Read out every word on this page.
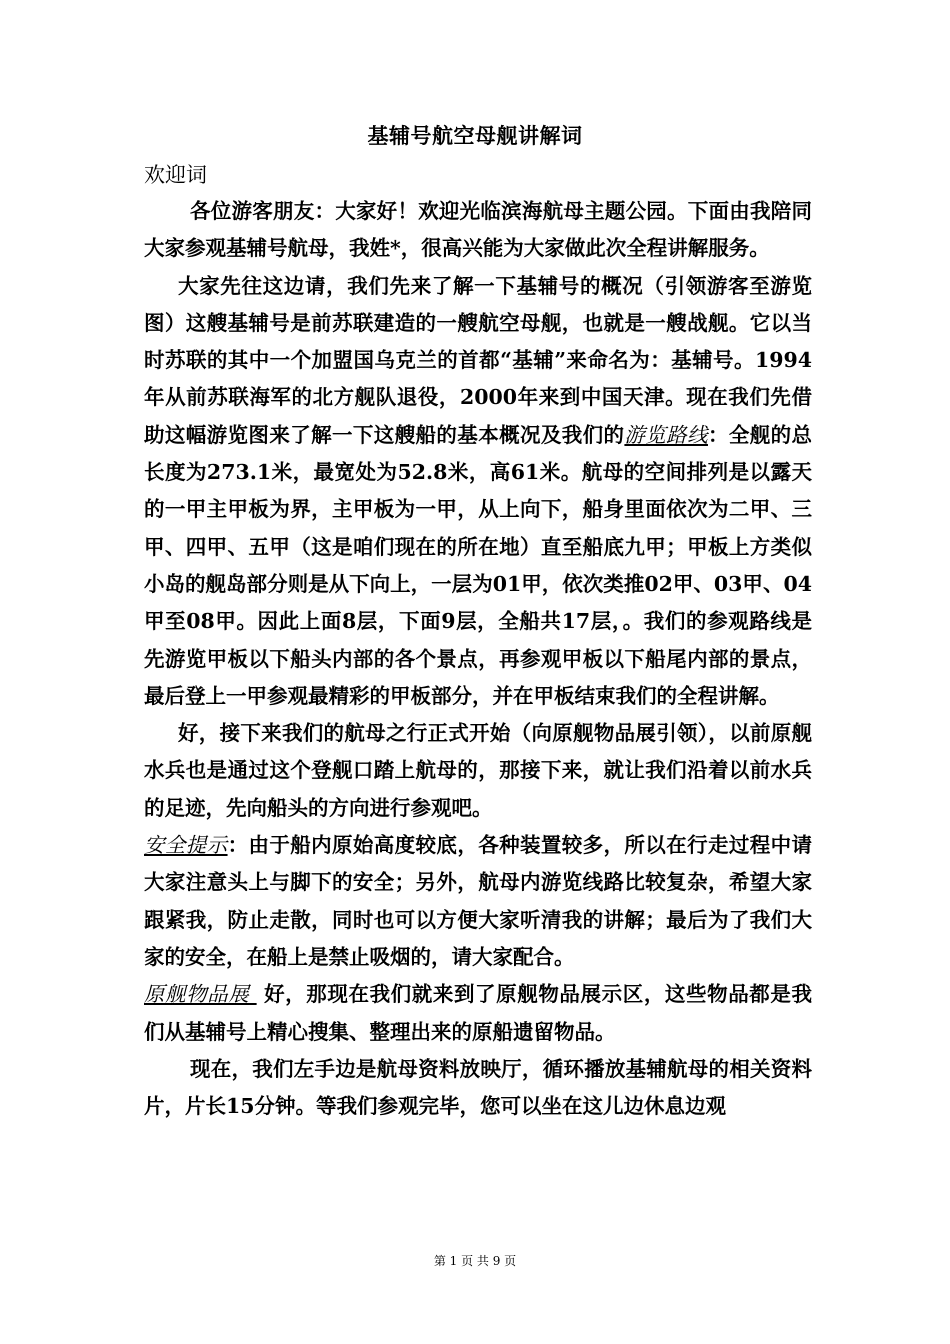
基辅号航空母舰讲解词
欢迎词

各位游客朋友：大家好！欢迎光临滨海航母主题公园。下面由我陪同大家参观基辅号航母，我姓*，很高兴能为大家做此次全程讲解服务。

大家先往这边请，我们先来了解一下基辅号的概况（引领游客至游览图）这艘基辅号是前苏联建造的一艘航空母舰，也就是一艘战舰。它以当时苏联的其中一个加盟国乌克兰的首都“基辅”来命名为：基辅号。1994年从前苏联海军的北方舰队退役，2000年来到中国天津。现在我们先借助这幅游览图来了解一下这艘船的基本概况及我们的游览路线：全舰的总长度为273.1米，最宽处为52.8米，高61米。航母的空间排列是以露天的一甲主甲板为界，主甲板为一甲，从上向下，船身里面依次为二甲、三甲、四甲、五甲（这是咱们现在的所在地）直至船底九甲；甲板上方类似小岛的舰岛部分则是从下向上，一层为01甲，依次类推02甲、03甲、04甲至08甲。因此上面8层，下面9层，全船共17层，。我们的参观路线是先游览甲板以下船头内部的各个景点，再参观甲板以下船尾内部的景点，最后登上一甲参观最精彩的甲板部分，并在甲板结束我们的全程讲解。

好，接下来我们的航母之行正式开始（向原舰物品展引领），以前原舰水兵也是通过这个登舰口踏上航母的，那接下来，就让我们沿着以前水兵的足迹，先向船头的方向进行参观吧。

安全提示：由于船内原始高度较底，各种装置较多，所以在行走过程中请大家注意头上与脚下的安全；另外，航母内游览线路比较复杂，希望大家跟紧我，防止走散，同时也可以方便大家听清我的讲解；最后为了我们大家的安全，在船上是禁止吸烟的，请大家配合。

原舰物品展 好，那现在我们就来到了原舰物品展示区，这些物品都是我们从基辅号上精心搜集、整理出来的原船遗留物品。

现在，我们左手边是航母资料放映厅，循环播放基辅航母的相关资料片，片长15分钟。等我们参观完毕，您可以坐在这儿边休息边观

第 1 页 共 9 页
